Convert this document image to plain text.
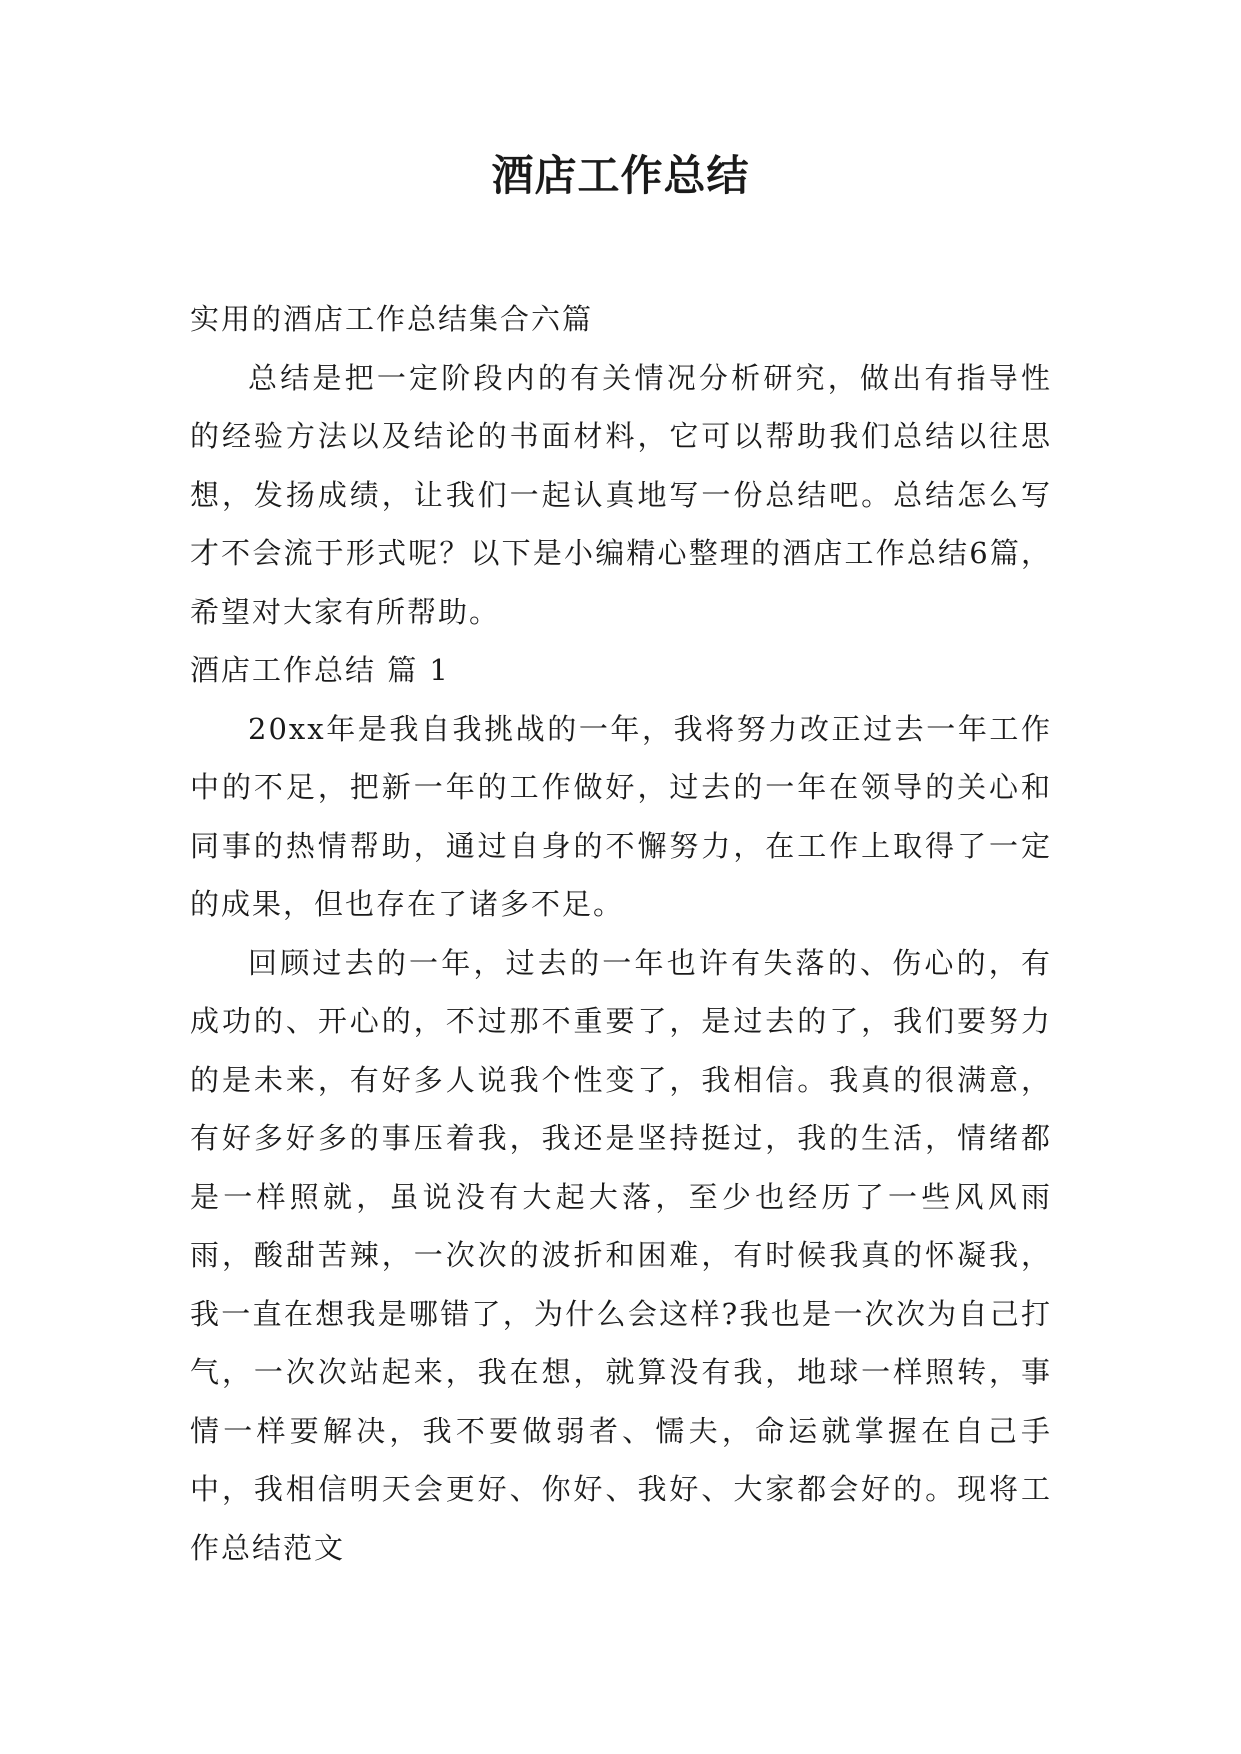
酒店工作总结

实用的酒店工作总结集合六篇

总结是把一定阶段内的有关情况分析研究，做出有指导性的经验方法以及结论的书面材料，它可以帮助我们总结以往思想，发扬成绩，让我们一起认真地写一份总结吧。总结怎么写才不会流于形式呢？以下是小编精心整理的酒店工作总结6篇，希望对大家有所帮助。

酒店工作总结 篇 1

20xx年是我自我挑战的一年，我将努力改正过去一年工作中的不足，把新一年的工作做好，过去的一年在领导的关心和同事的热情帮助，通过自身的不懈努力，在工作上取得了一定的成果，但也存在了诸多不足。

回顾过去的一年，过去的一年也许有失落的、伤心的，有成功的、开心的，不过那不重要了，是过去的了，我们要努力的是未来，有好多人说我个性变了，我相信。我真的很满意，有好多好多的事压着我，我还是坚持挺过，我的生活，情绪都是一样照就，虽说没有大起大落，至少也经历了一些风风雨雨，酸甜苦辣，一次次的波折和困难，有时候我真的怀凝我，我一直在想我是哪错了，为什么会这样?我也是一次次为自己打气，一次次站起来，我在想，就算没有我，地球一样照转，事情一样要解决，我不要做弱者、懦夫，命运就掌握在自己手中，我相信明天会更好、你好、我好、大家都会好的。现将工作总结范文
